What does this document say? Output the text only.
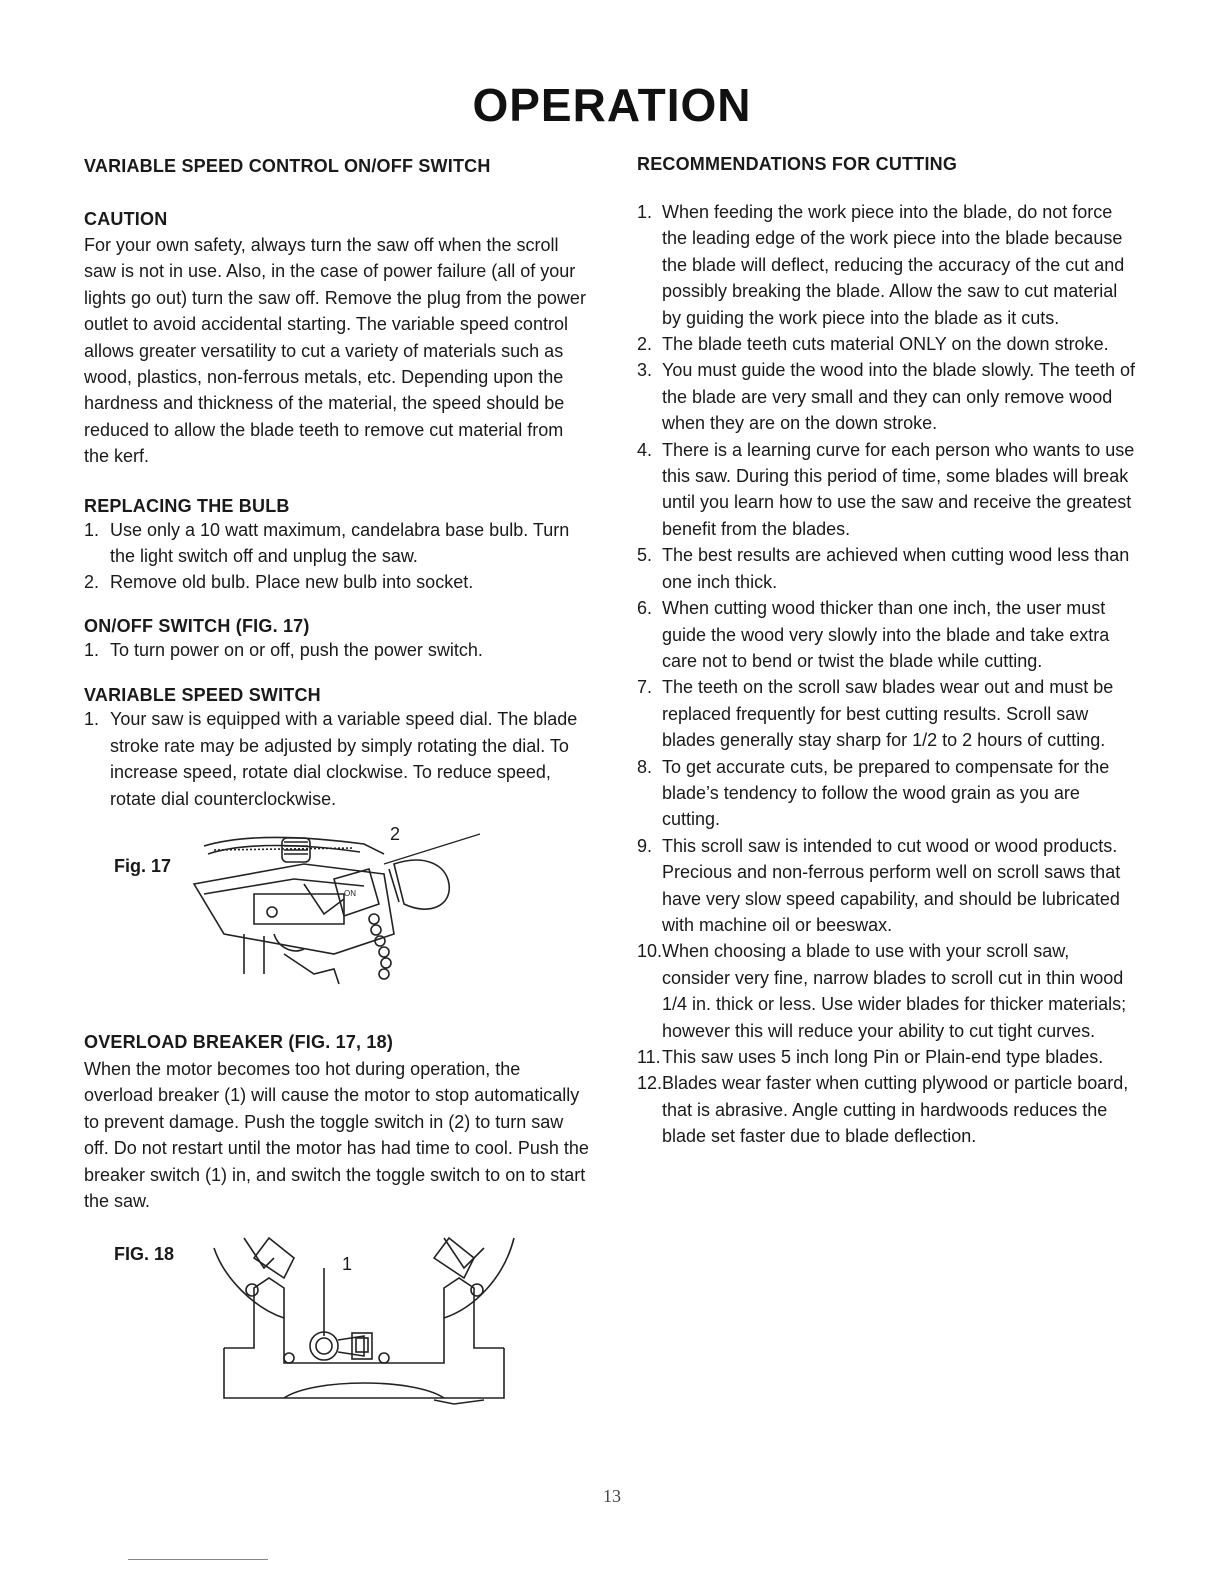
OPERATION
VARIABLE SPEED CONTROL ON/OFF SWITCH
CAUTION

For your own safety, always turn the saw off when the scroll saw is not in use. Also, in the case of power failure (all of your lights go out) turn the saw off. Remove the plug from the power outlet to avoid accidental starting. The variable speed control allows greater versatility to cut a variety of materials such as wood, plastics, non-ferrous metals, etc. Depending upon the hardness and thickness of the material, the speed should be reduced to allow the blade teeth to remove cut material from the kerf.

REPLACING THE BULB
1. Use only a 10 watt maximum, candelabra base bulb. Turn the light switch off and unplug the saw.
2. Remove old bulb. Place new bulb into socket.
ON/OFF SWITCH (FIG. 17)
1. To turn power on or off, push the power switch.
VARIABLE SPEED SWITCH
1. Your saw is equipped with a variable speed dial. The blade stroke rate may be adjusted by simply rotating the dial. To increase speed, rotate dial clockwise. To reduce speed, rotate dial counterclockwise.
Fig. 17
2
ON
OVERLOAD BREAKER (FIG. 17, 18)

When the motor becomes too hot during operation, the overload breaker (1) will cause the motor to stop automatically to prevent damage. Push the toggle switch in (2) to turn saw off. Do not restart until the motor has had time to cool. Push the breaker switch (1) in, and switch the toggle switch to on to start the saw.

FIG. 18	1
RECOMMENDATIONS FOR CUTTING
1. When feeding the work piece into the blade, do not force the leading edge of the work piece into the blade because the blade will deflect, reducing the accuracy of the cut and possibly breaking the blade. Allow the saw to cut material by guiding the work piece into the blade as it cuts.
2. The blade teeth cuts material ONLY on the down stroke.
3. You must guide the wood into the blade slowly. The teeth of the blade are very small and they can only remove wood when they are on the down stroke.
4. There is a learning curve for each person who wants to use this saw. During this period of time, some blades will break until you learn how to use the saw and receive the greatest benefit from the blades.
5. The best results are achieved when cutting wood less than one inch thick.
6. When cutting wood thicker than one inch, the user must guide the wood very slowly into the blade and take extra care not to bend or twist the blade while cutting.
7. The teeth on the scroll saw blades wear out and must be replaced frequently for best cutting results. Scroll saw blades generally stay sharp for 1/2 to 2 hours of cutting.
8. To get accurate cuts, be prepared to compensate for the blade’s tendency to follow the wood grain as you are cutting.
9. This scroll saw is intended to cut wood or wood products. Precious and non-ferrous perform well on scroll saws that have very slow speed capability, and should be lubricated with machine oil or beeswax.
10. When choosing a blade to use with your scroll saw, consider very fine, narrow blades to scroll cut in thin wood 1/4 in. thick or less. Use wider blades for thicker materials; however this will reduce your ability to cut tight curves.
11. This saw uses 5 inch long Pin or Plain-end type blades.
12. Blades wear faster when cutting plywood or particle board, that is abrasive. Angle cutting in hardwoods reduces the blade set faster due to blade deflection.
13
